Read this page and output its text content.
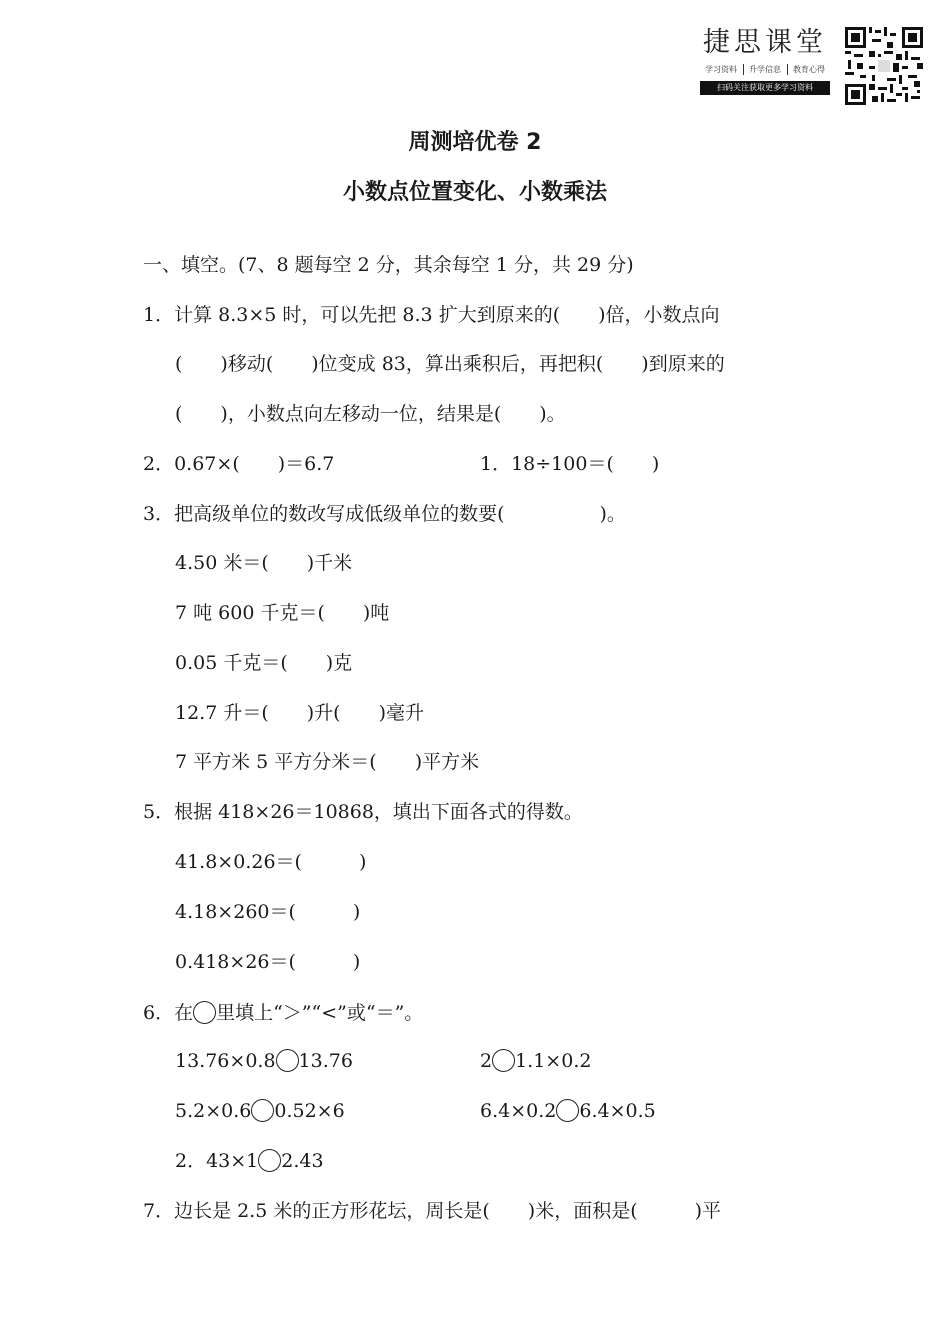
捷思课堂
学习资料	升学信息	教育心得
扫码关注获取更多学习资料
周测培优卷 2
小数点位置变化、小数乘法
一、填空。(7、8 题每空 2 分，其余每空 1 分，共 29 分)
1．计算 8.3×5 时，可以先把 8.3 扩大到原来的(　　)倍，小数点向
(　　)移动(　　)位变成 83，算出乘积后，再把积(　　)到原来的
(　　)，小数点向左移动一位，结果是(　　)。
2．0.67×(　　)＝6.7	1．18÷100＝(　　)
3．把高级单位的数改写成低级单位的数要(　　　　　)。
4.50 米＝(　　)千米
7 吨 600 千克＝(　　)吨
0.05 千克＝(　　)克
12.7 升＝(　　)升(　　)毫升
7 平方米 5 平方分米＝(　　)平方米
5．根据 418×26＝10868，填出下面各式的得数。
41.8×0.26＝(　　　)
4.18×260＝(　　　)
0.418×26＝(　　　)
6．在 里填上“＞”“<”或“＝”。
13.76×0.8 13.76	2 1.1×0.2
5.2×0.6 0.52×6	6.4×0.2 6.4×0.5
2．43×1 2.43
7．边长是 2.5 米的正方形花坛，周长是(　　)米，面积是(　　　)平
